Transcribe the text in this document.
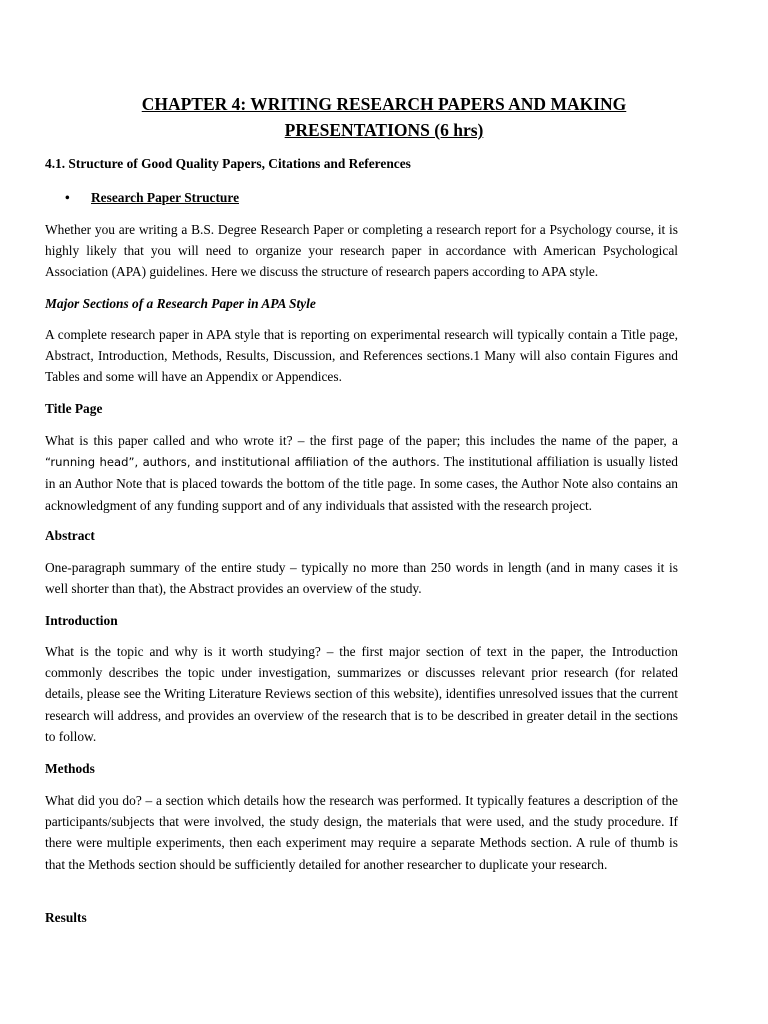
CHAPTER 4: WRITING RESEARCH PAPERS AND MAKING
PRESENTATIONS (6 hrs)
4.1. Structure of Good Quality Papers, Citations and References
• Research Paper Structure
Whether you are writing a B.S. Degree Research Paper or completing a research report for a Psychology course, it is highly likely that you will need to organize your research paper in accordance with American Psychological Association (APA) guidelines. Here we discuss the structure of research papers according to APA style.
Major Sections of a Research Paper in APA Style
A complete research paper in APA style that is reporting on experimental research will typically contain a Title page, Abstract, Introduction, Methods, Results, Discussion, and References sections.1 Many will also contain Figures and Tables and some will have an Appendix or Appendices.
Title Page
What is this paper called and who wrote it? – the first page of the paper; this includes the name of the paper, a “running head”, authors, and institutional affiliation of the authors. The institutional affiliation is usually listed in an Author Note that is placed towards the bottom of the title page. In some cases, the Author Note also contains an acknowledgment of any funding support and of any individuals that assisted with the research project.
Abstract
One-paragraph summary of the entire study – typically no more than 250 words in length (and in many cases it is well shorter than that), the Abstract provides an overview of the study.
Introduction
What is the topic and why is it worth studying? – the first major section of text in the paper, the Introduction commonly describes the topic under investigation, summarizes or discusses relevant prior research (for related details, please see the Writing Literature Reviews section of this website), identifies unresolved issues that the current research will address, and provides an overview of the research that is to be described in greater detail in the sections to follow.
Methods
What did you do? – a section which details how the research was performed. It typically features a description of the participants/subjects that were involved, the study design, the materials that were used, and the study procedure. If there were multiple experiments, then each experiment may require a separate Methods section. A rule of thumb is that the Methods section should be sufficiently detailed for another researcher to duplicate your research.
Results
